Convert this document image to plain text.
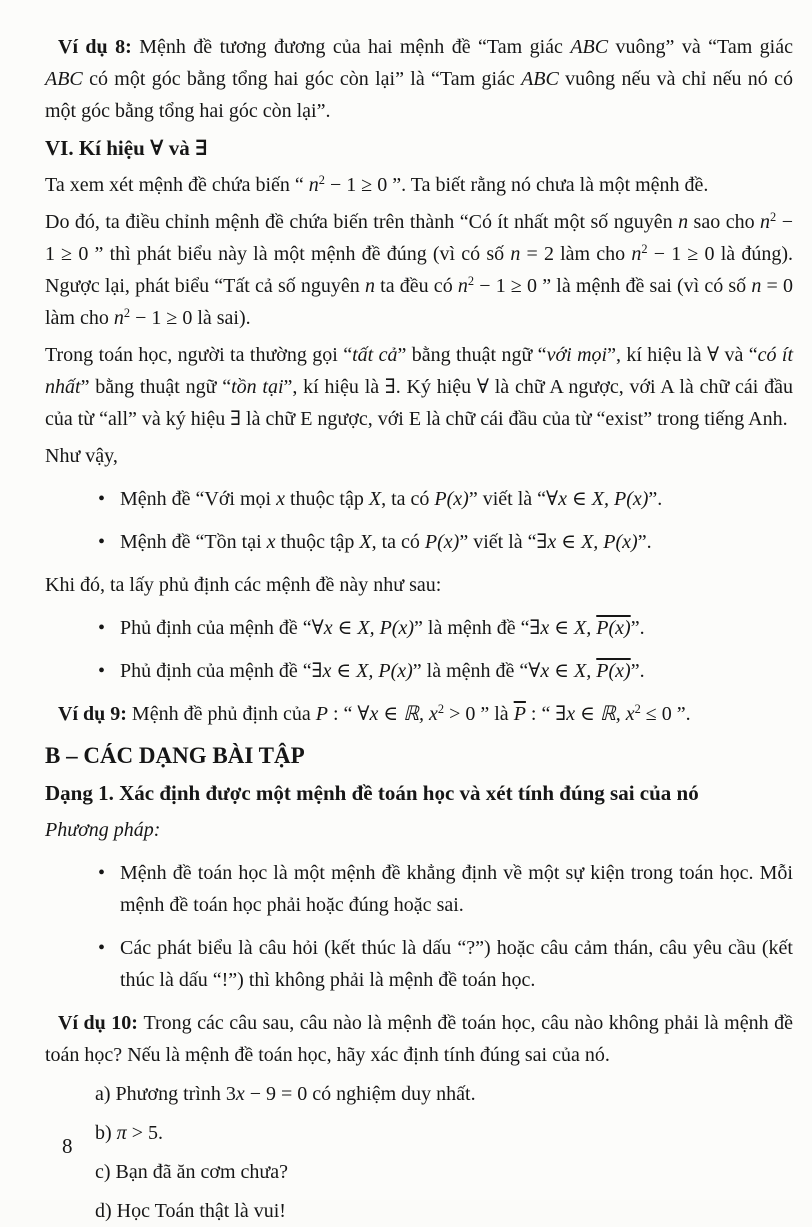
Ví dụ 8: Mệnh đề tương đương của hai mệnh đề “Tam giác ABC vuông” và “Tam giác ABC có một góc bằng tổng hai góc còn lại” là “Tam giác ABC vuông nếu và chỉ nếu nó có một góc bằng tổng hai góc còn lại”.
VI. Kí hiệu ∀ và ∃
Ta xem xét mệnh đề chứa biến “ $n^2 - 1 \ge 0$ ”. Ta biết rằng nó chưa là một mệnh đề.
Do đó, ta điều chỉnh mệnh đề chứa biến trên thành “Có ít nhất một số nguyên n sao cho $n^2 - 1 \ge 0$ ” thì phát biểu này là một mệnh đề đúng (vì có số n = 2 làm cho $n^2 - 1 \ge 0$ là đúng). Ngược lại, phát biểu “Tất cả số nguyên n ta đều có $n^2 - 1 \ge 0$ ” là mệnh đề sai (vì có số n = 0 làm cho $n^2 - 1 \ge 0$ là sai).
Trong toán học, người ta thường gọi “tất cả” bằng thuật ngữ “với mọi”, kí hiệu là ∀ và “có ít nhất” bằng thuật ngữ “tồn tại”, kí hiệu là ∃. Ký hiệu ∀ là chữ A ngược, với A là chữ cái đầu của từ “all” và ký hiệu ∃ là chữ E ngược, với E là chữ cái đầu của từ “exist” trong tiếng Anh.
Như vậy,
• Mệnh đề “Với mọi x thuộc tập X, ta có P(x)” viết là “∀x ∈ X, P(x)”.
• Mệnh đề “Tồn tại x thuộc tập X, ta có P(x)” viết là “∃x ∈ X, P(x)”.
Khi đó, ta lấy phủ định các mệnh đề này như sau:
• Phủ định của mệnh đề “∀x ∈ X, P(x)” là mệnh đề “∃x ∈ X, P(x)”.
• Phủ định của mệnh đề “∃x ∈ X, P(x)” là mệnh đề “∀x ∈ X, P(x)”.
Ví dụ 9: Mệnh đề phủ định của P : “ ∀x ∈ ℝ, $x^2 > 0$ ” là $\overline{P}$ : “ ∃x ∈ ℝ, $x^2 \le 0$ ”.
B – CÁC DẠNG BÀI TẬP
Dạng 1. Xác định được một mệnh đề toán học và xét tính đúng sai của nó
Phương pháp:
• Mệnh đề toán học là một mệnh đề khẳng định về một sự kiện trong toán học. Mỗi mệnh đề toán học phải hoặc đúng hoặc sai.
• Các phát biểu là câu hỏi (kết thúc là dấu “?”) hoặc câu cảm thán, câu yêu cầu (kết thúc là dấu “!”) thì không phải là mệnh đề toán học.
Ví dụ 10: Trong các câu sau, câu nào là mệnh đề toán học, câu nào không phải là mệnh đề toán học? Nếu là mệnh đề toán học, hãy xác định tính đúng sai của nó.
a) Phương trình 3x − 9 = 0 có nghiệm duy nhất.
b) π > 5.
c) Bạn đã ăn cơm chưa?
d) Học Toán thật là vui!
8
